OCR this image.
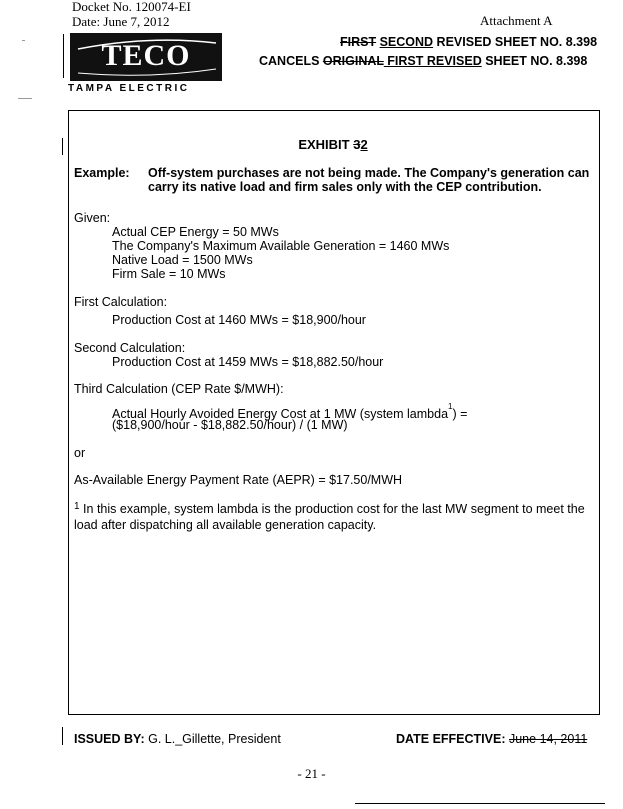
Docket No. 120074-EI
Date: June 7, 2012	Attachment A
TECO
TAMPA ELECTRIC
FIRST SECOND REVISED SHEET NO. 8.398
CANCELS ORIGINAL FIRST REVISED SHEET NO. 8.398
EXHIBIT 32
Example: Off-system purchases are not being made. The Company's generation can carry its native load and firm sales only with the CEP contribution.
Given:
Actual CEP Energy = 50 MWs
The Company's Maximum Available Generation = 1460 MWs
Native Load = 1500 MWs
Firm Sale = 10 MWs
First Calculation:
Production Cost at 1460 MWs = $18,900/hour
Second Calculation:
Production Cost at 1459 MWs = $18,882.50/hour
Third Calculation (CEP Rate $/MWH):
Actual Hourly Avoided Energy Cost at 1 MW (system lambda$^1$) =
($18,900/hour - $18,882.50/hour) / (1 MW)
or
As-Available Energy Payment Rate (AEPR) = $17.50/MWH
$^1$ In this example, system lambda is the production cost for the last MW segment to meet the load after dispatching all available generation capacity.
ISSUED BY: G. L._Gillette, President	DATE EFFECTIVE: June 14, 2011
- 21 -
